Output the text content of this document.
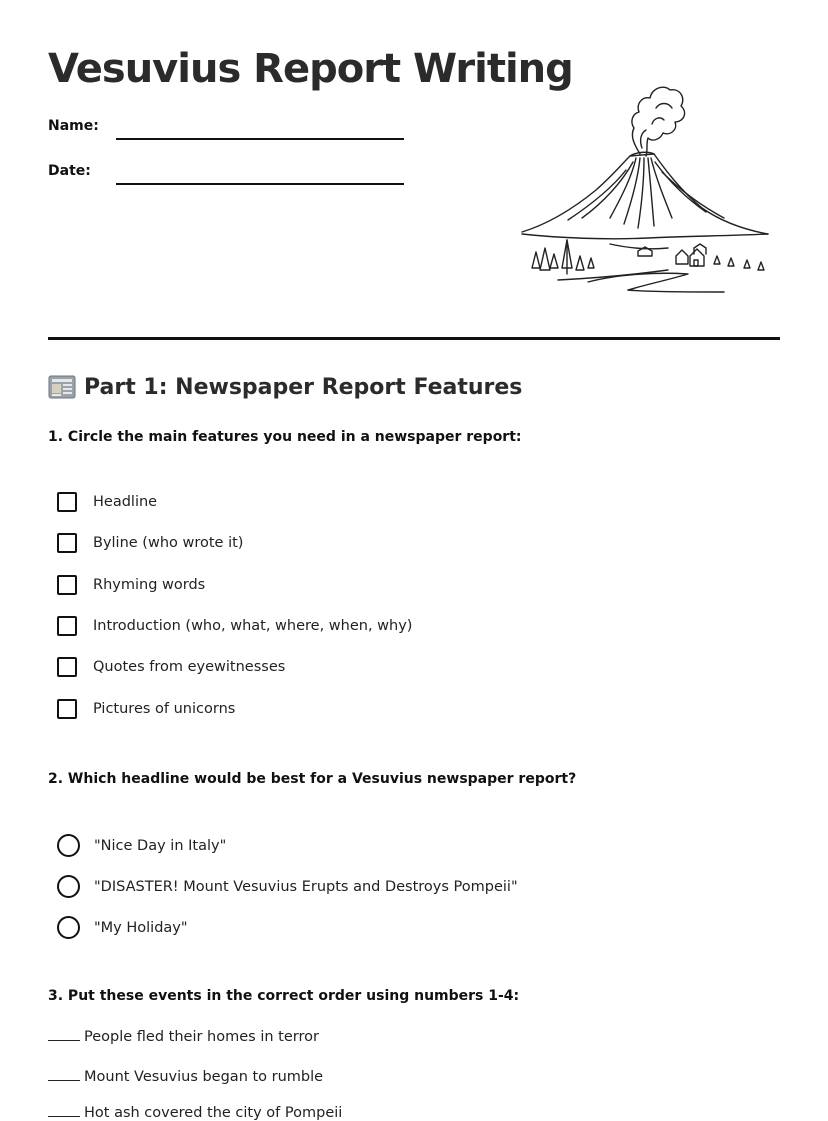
Vesuvius Report Writing
Name:
Date:
Part 1: Newspaper Report Features

1. Circle the main features you need in a newspaper report:

Headline
Byline (who wrote it)
Rhyming words
Introduction (who, what, where, when, why)
Quotes from eyewitnesses
Pictures of unicorns

2. Which headline would be best for a Vesuvius newspaper report?

"Nice Day in Italy"
"DISASTER! Mount Vesuvius Erupts and Destroys Pompeii"
"My Holiday"

3. Put these events in the correct order using numbers 1-4:

People fled their homes in terror
Mount Vesuvius began to rumble
Hot ash covered the city of Pompeii
